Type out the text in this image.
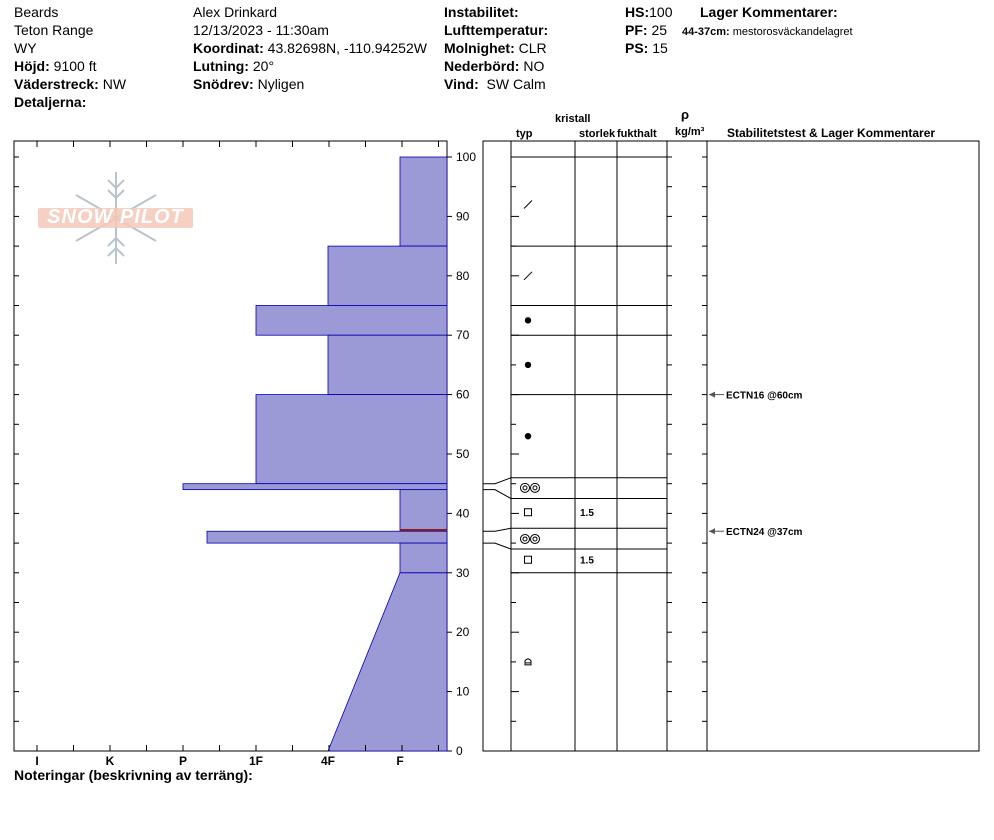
Beards
Teton Range
WY
Höjd: 9100 ft
Väderstreck: NW
Detaljerna:
Alex Drinkard
12/13/2023 - 11:30am
Koordinat: 43.82698N, -110.94252W
Lutning: 20°
Snödrev: Nyligen
Instabilitet:
Lufttemperatur:
Molnighet: CLR
Nederbörd: NO
Vind: SW Calm
HS:100
PF: 25
PS: 15
Lager Kommentarer:
44-37cm: mestorosväckandelagret
kristall
typ	storlek fukthalt
ρ
kg/m³ Stabilitetstest & Lager Kommentarer
SNOW PILOT
I	K	P	1F	4F	F
0
10
20
30
40
50
60
70
80
90
100
1.5
1.5
ECTN16 @60cm
ECTN24 @37cm
Noteringar (beskrivning av terräng):
